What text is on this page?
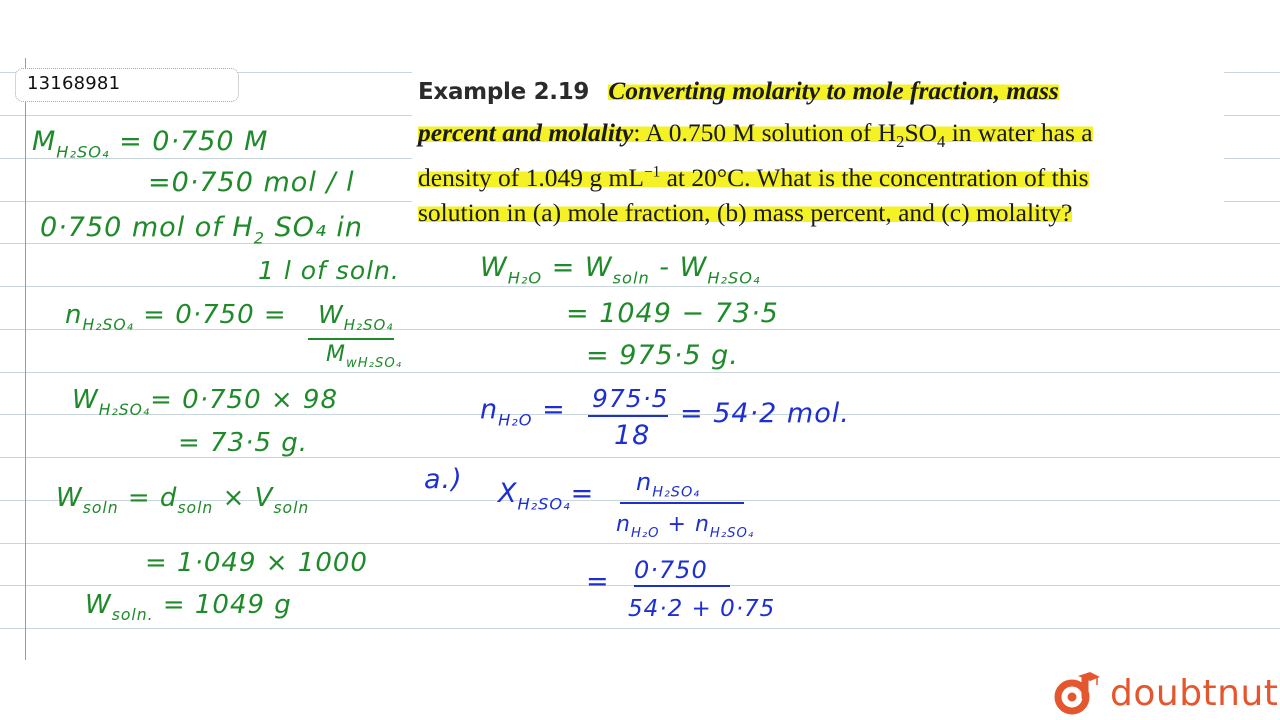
13168981	Example 2.19 Converting molarity to mole fraction, mass
percent and molality: A 0.750 M solution of $H_2SO_4$ in water has a
density of 1.049 g $mL^{-1}$ at 20°C. What is the concentration of this
solution in (a) mole fraction, (b) mass percent, and (c) molality?
$M_{H_2SO_4} = 0\cdot 750$ M
=0·750 mol / l
0·750 mol of $H_2$ SO₄ in
1 l of soln.
$n_{H_2SO_4} = 0\cdot 750 = W_{H_2SO_4}$
$M_{wH_2SO_4}$
$W_{H_2SO_4}= 0\cdot 750 \times 98$
= 73·5 g.
$W_{soln} = d_{soln} \times V_{soln}$
= 1·049 × 1000
$W_{soln.} = 1049$ g
$W_{H_2O} = W_{soln} - W_{H_2SO_4}$
= 1049 − 73·5
= 975·5 g.
$n_{H_2O} = 975\cdot 5$
18
= 54·2 mol.
a.) $X_{H_2SO_4}= n_{H_2SO_4}$
$n_{H_2O} + n_{H_2SO_4}$
= 0·750
54·2 + 0·75
doubtnut
